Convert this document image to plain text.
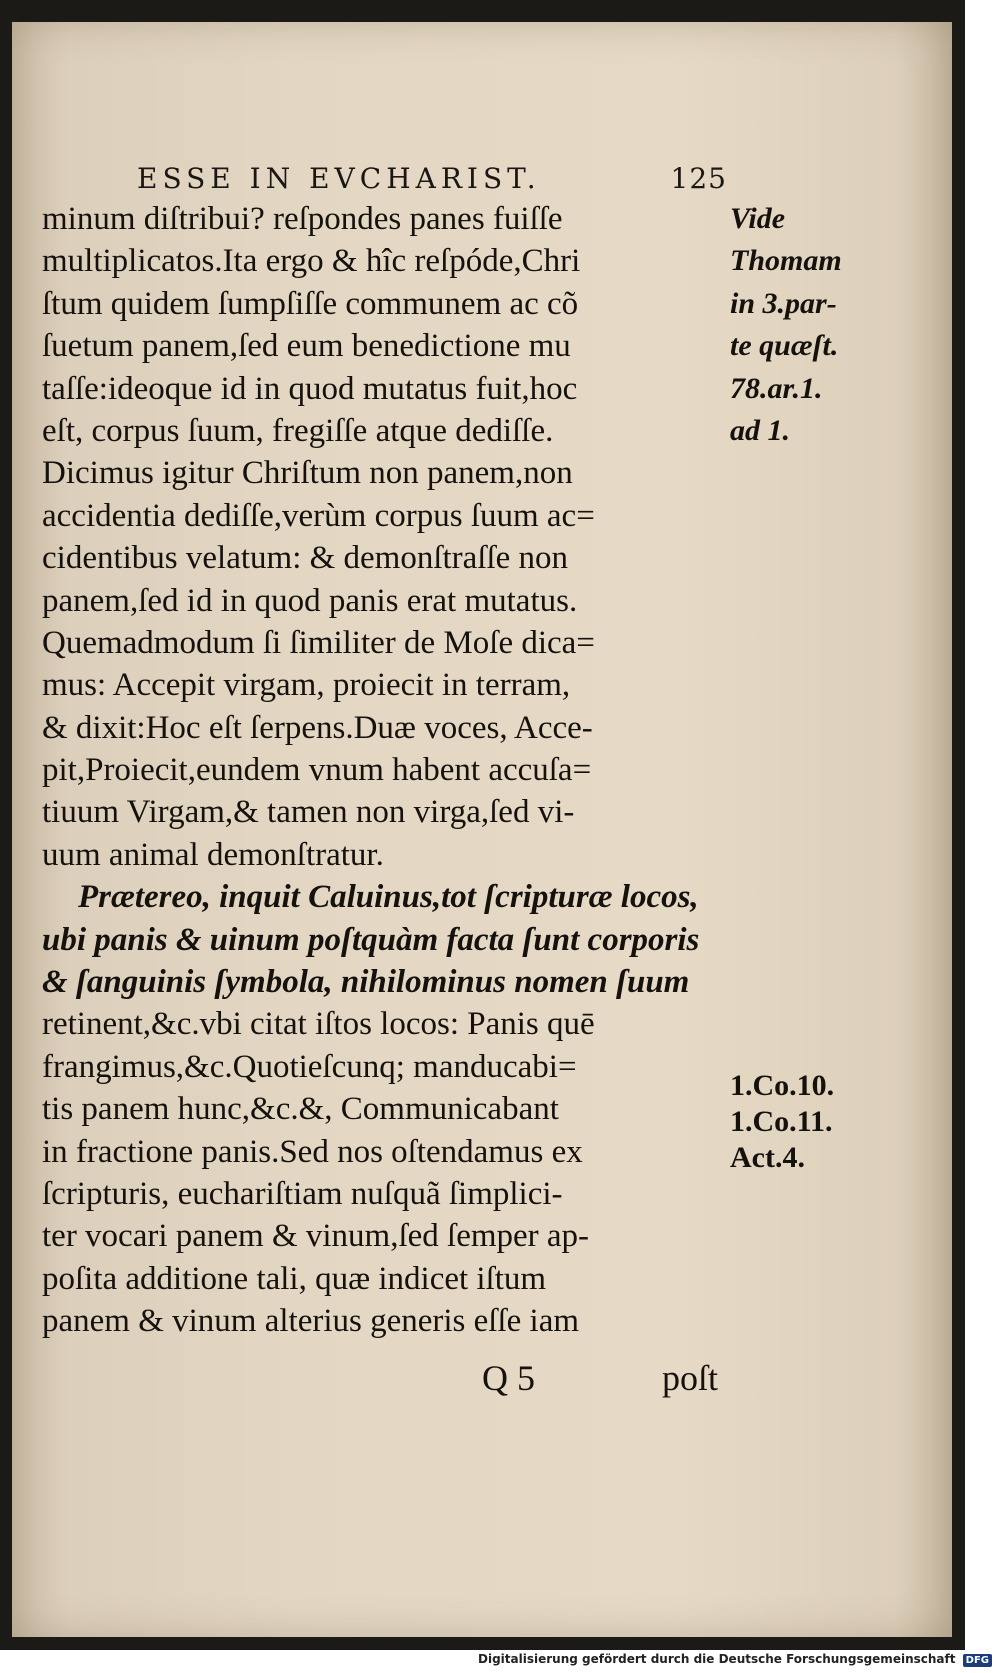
ESSE IN EVCHARIST.	125
minum diſtribui? reſpondes panes fuiſſe
multiplicatos.Ita ergo & hîc reſpóde,Chri
ſtum quidem ſumpſiſſe communem ac cõ
ſuetum panem,ſed eum benedictione mu
taſſe:ideoque id in quod mutatus fuit,hoc
eſt, corpus ſuum, fregiſſe atque dediſſe.
Dicimus igitur Chriſtum non panem,non
accidentia dediſſe,verùm corpus ſuum ac=
cidentibus velatum: & demonſtraſſe non
panem,ſed id in quod panis erat mutatus.
Quemadmodum ſi ſimiliter de Moſe dica=
mus: Accepit virgam, proiecit in terram,
& dixit:Hoc eſt ſerpens.Duæ voces, Acce-
pit,Proiecit,eundem vnum habent accuſa=
tiuum Virgam,& tamen non virga,ſed vi-
uum animal demonſtratur.
Prætereo, inquit Caluinus,tot ſcripturæ locos,
ubi panis & uinum poſtquàm facta ſunt corporis
& ſanguinis ſymbola, nihilominus nomen ſuum
retinent,&c.vbi citat iſtos locos: Panis quē
frangimus,&c.Quotieſcunq; manducabi=
tis panem hunc,&c.&, Communicabant
in fractione panis.Sed nos oſtendamus ex
ſcripturis, euchariſtiam nuſquã ſimplici-
ter vocari panem & vinum,ſed ſemper ap-
poſita additione tali, quæ indicet iſtum
panem & vinum alterius generis eſſe iam
Vide
Thomam
in 3.par-
te quæſt.
78.ar.1.
ad 1.
1.Co.10.
1.Co.11.
Act.4.
Q 5	poſt
Digitalisierung gefördert durch die Deutsche Forschungsgemeinschaft DFG
